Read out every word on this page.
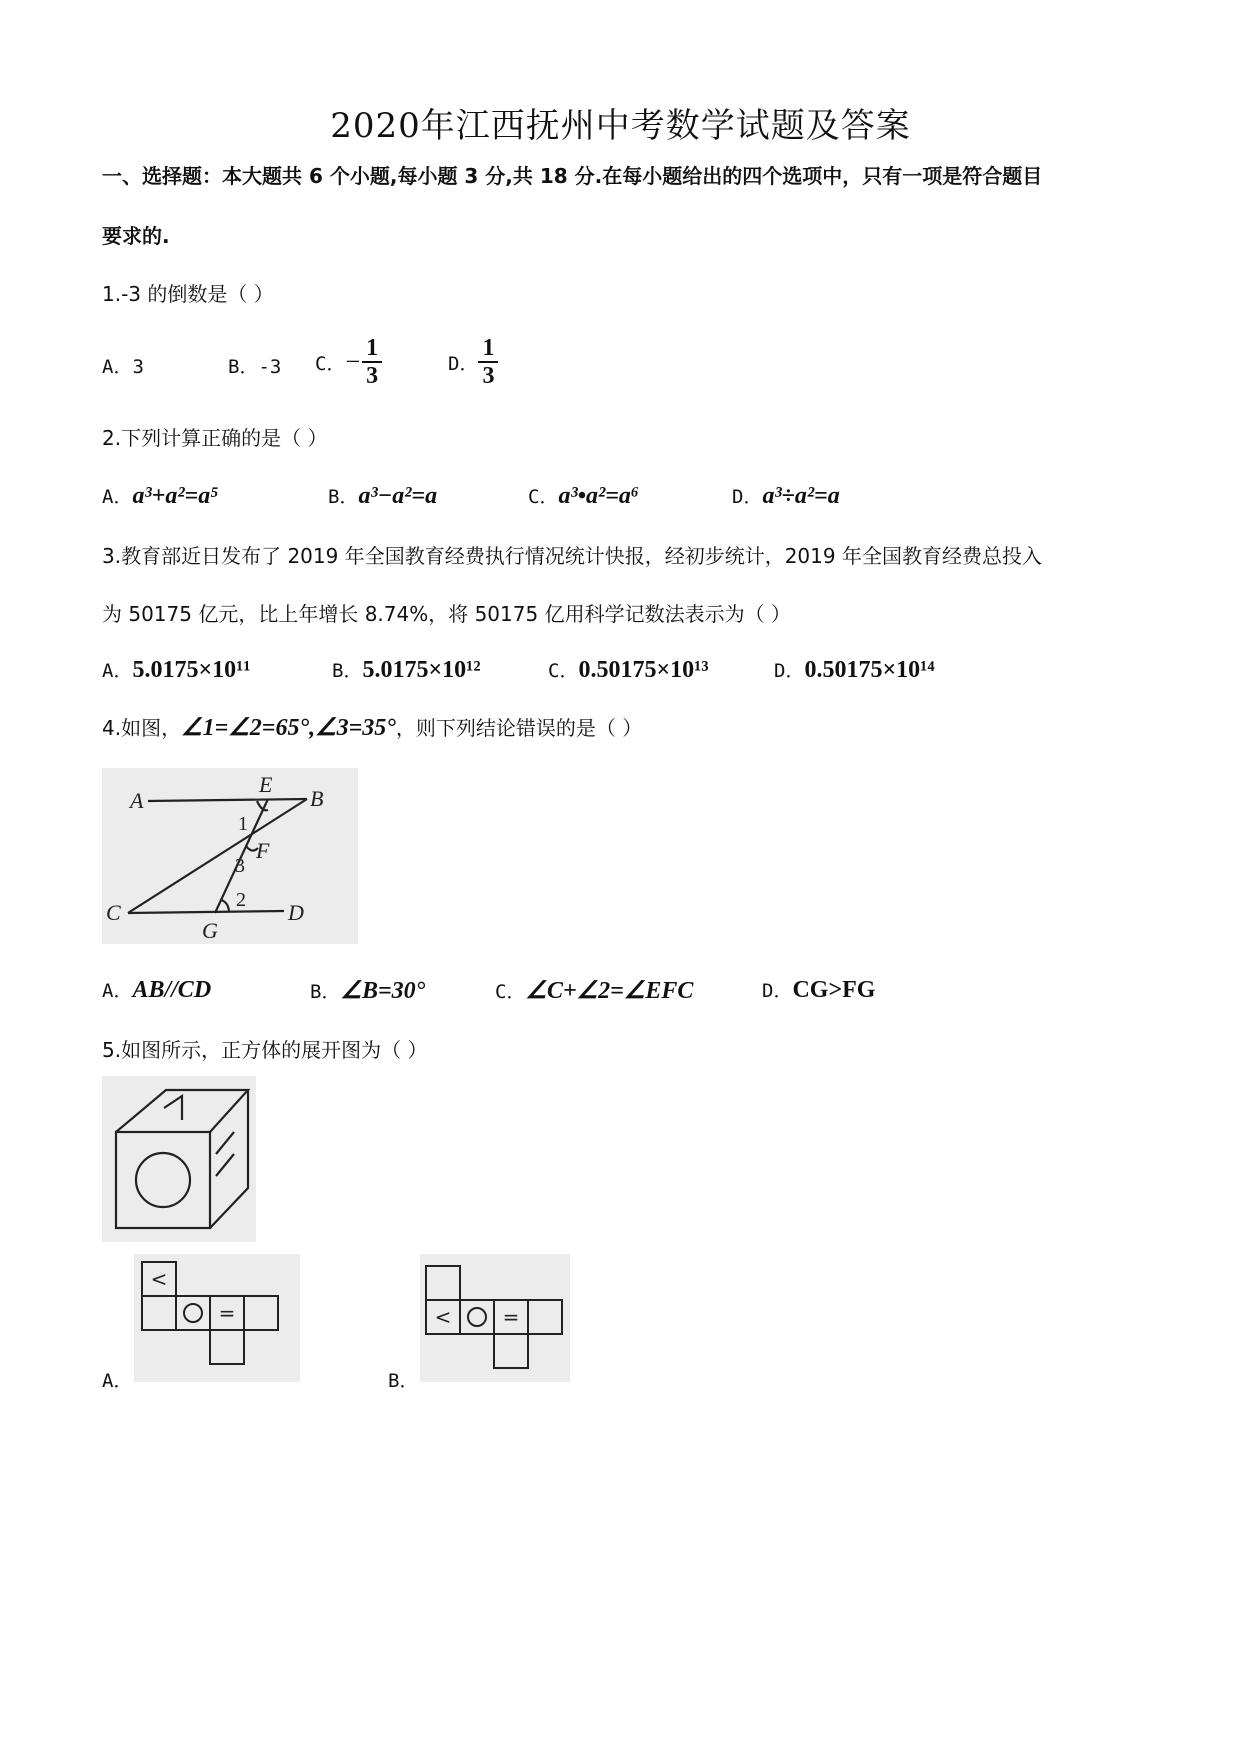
2020年江西抚州中考数学试题及答案
一、选择题：本大题共 6 个小题,每小题 3 分,共 18 分.在每小题给出的四个选项中，只有一项是符合题目
要求的.
1.-3 的倒数是（ ）
A．3	B．-3 C． − $\frac{1}{3}$	D． $\frac{1}{3}$
2.下列计算正确的是（ ）
A．a³+a²=a⁵	B．a³−a²=a	C．a³•a²=a⁶	D．a³÷a²=a
3.教育部近日发布了 2019 年全国教育经费执行情况统计快报，经初步统计，2019 年全国教育经费总投入
为 50175 亿元，比上年增长 8.74%，将 50175 亿用科学记数法表示为（ ）
A．5.0175×10¹¹	B．5.0175×10¹²	C．0.50175×10¹³	D．0.50175×10¹⁴
4.如图，∠1=∠2=65°,∠3=35°，则下列结论错误的是（ ）
A	B
C	D
E
F
G
1
3
2
A．AB//CD	B．∠B=30°	C．∠C+∠2=∠EFC	D．CG>FG
5.如图所示，正方体的展开图为（ ）
<
=
A．
<	=
B．
